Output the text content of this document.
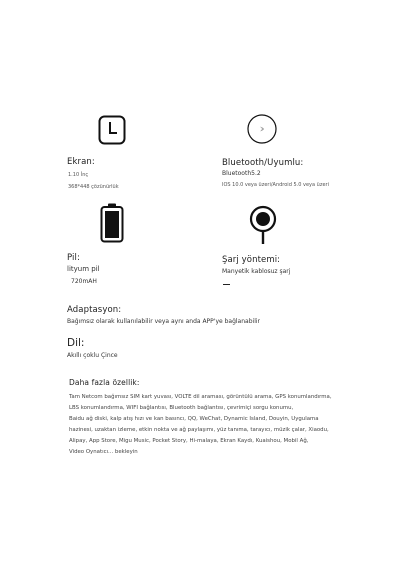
Ekran:
1.10 İnç
368*448 çözünürlük
Bluetooth/Uyumlu:
Bluetooth5.2
IOS 10.0 veya üzeri/Android 5.0 veya üzeri
Pil:
lityum pil
720mAH
Şarj yöntemi:
Manyetik kablosuz şarj
Adaptasyon:
Bağımsız olarak kullanılabilir veya aynı anda APP'ye bağlanabilir
Dil:
Akıllı çoklu Çince
Daha fazla özellik:
Tam Netcom bağımsız SIM kart yuvası, VOLTE dil araması, görüntülü arama, GPS konumlandırma,
LBS konumlandırma, WIFI bağlantısı, Bluetooth bağlantısı, çevrimiçi sorgu konumu,
Baidu ağ diski, kalp atış hızı ve kan basıncı, QQ, WeChat, Dynamic Island, Douyin, Uygulama
hazinesi, uzaktan izleme, etkin nokta ve ağ paylaşımı, yüz tanıma, tarayıcı, müzik çalar, Xiaodu,
Alipay, App Store, Migu Music, Pocket Story, Hi-malaya, Ekran Kaydı, Kuaishou, Mobil Ağ,
Video Oynatıcı... bekleyin
